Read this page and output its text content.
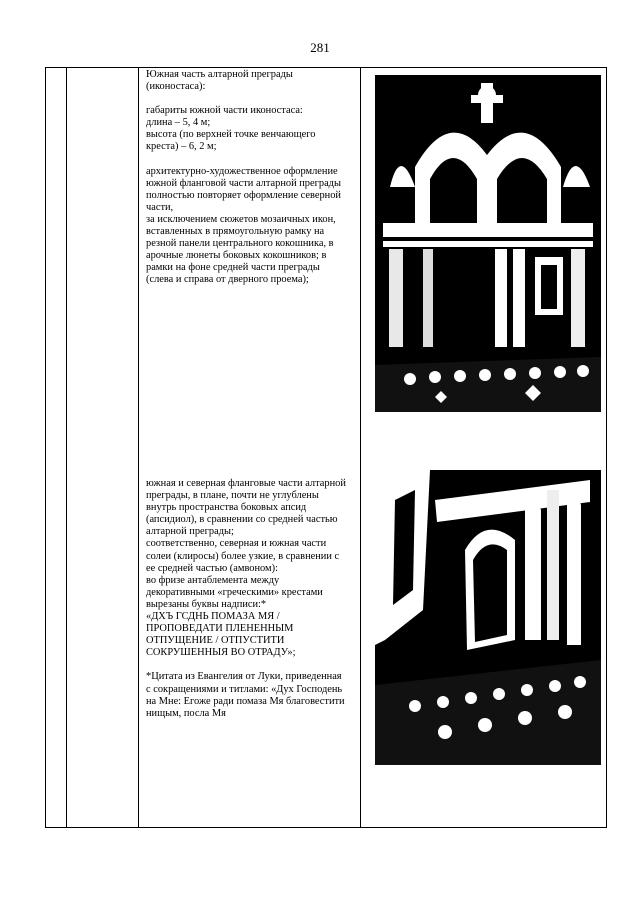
281

Южная часть алтарной преграды

(иконостаса):

габариты южной части иконостаса:

длина – 5, 4 м;

высота (по верхней точке венчающего

креста) – 6, 2 м;

архитектурно-художественное оформление

южной фланговой части алтарной преграды

полностью повторяет оформление северной

части,

за исключением сюжетов мозаичных икон,

вставленных в прямоугольную рамку на

резной панели центрального кокошника, в

арочные люнеты боковых кокошников; в

рамки на фоне средней части преграды

(слева и справа от дверного проема);

южная и северная фланговые части алтарной

преграды, в плане, почти не углублены

внутрь пространства боковых апсид

(апсидиол), в сравнении со средней частью

алтарной преграды;

соответственно, северная и южная части

солеи (клиросы) более узкие, в сравнении с

ее средней частью (амвоном):

во фризе антаблемента между

декоративными «греческими» крестами

вырезаны буквы надписи:*

«ДХЪ ГСДНЬ ПОМАЗА МЯ /

ПРОПОВЕДАТИ ПЛЕНЕННЫМ

ОТПУЩЕНИЕ / ОТПУСТИТИ

СОКРУШЕННЫЯ ВО ОТРАДУ»;

*Цитата из Евангелия от Луки, приведенная

с сокращениями и титлами: «Дух Господень

на Мне: Егоже ради помаза Мя благовестити

нищым, посла Мя
